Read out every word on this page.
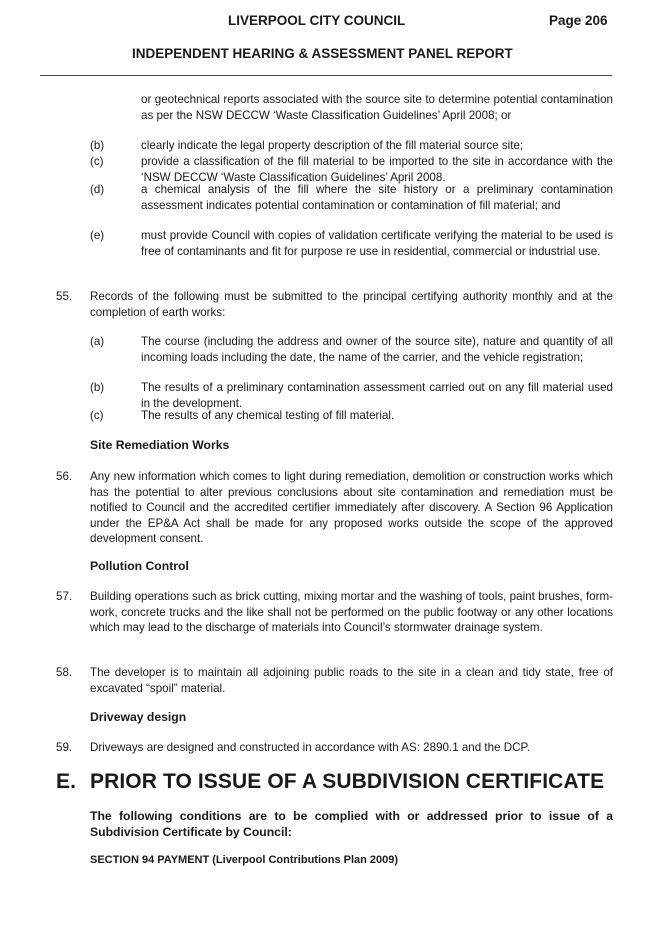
LIVERPOOL CITY COUNCIL	Page 206
INDEPENDENT HEARING & ASSESSMENT PANEL REPORT
or geotechnical reports associated with the source site to determine potential contamination as per the NSW DECCW ‘Waste Classification Guidelines’ April 2008; or
(b)	clearly indicate the legal property description of the fill material source site;
(c)	provide a classification of the fill material to be imported to the site in accordance with the ‘NSW DECCW ‘Waste Classification Guidelines’ April 2008.
(d)	a chemical analysis of the fill where the site history or a preliminary contamination assessment indicates potential contamination or contamination of fill material; and
(e)	must provide Council with copies of validation certificate verifying the material to be used is free of contaminants and fit for purpose re use in residential, commercial or industrial use.
55. Records of the following must be submitted to the principal certifying authority monthly and at the completion of earth works:
(a)	The course (including the address and owner of the source site), nature and quantity of all incoming loads including the date, the name of the carrier, and the vehicle registration;
(b)	The results of a preliminary contamination assessment carried out on any fill material used in the development.
(c)	The results of any chemical testing of fill material.
Site Remediation Works
56. Any new information which comes to light during remediation, demolition or construction works which has the potential to alter previous conclusions about site contamination and remediation must be notified to Council and the accredited certifier immediately after discovery. A Section 96 Application under the EP&A Act shall be made for any proposed works outside the scope of the approved development consent.
Pollution Control
57. Building operations such as brick cutting, mixing mortar and the washing of tools, paint brushes, form-work, concrete trucks and the like shall not be performed on the public footway or any other locations which may lead to the discharge of materials into Council’s stormwater drainage system.
58. The developer is to maintain all adjoining public roads to the site in a clean and tidy state, free of excavated “spoil” material.
Driveway design
59. Driveways are designed and constructed in accordance with AS: 2890.1 and the DCP.
E. PRIOR TO ISSUE OF A SUBDIVISION CERTIFICATE
The following conditions are to be complied with or addressed prior to issue of a Subdivision Certificate by Council:
SECTION 94 PAYMENT (Liverpool Contributions Plan 2009)
